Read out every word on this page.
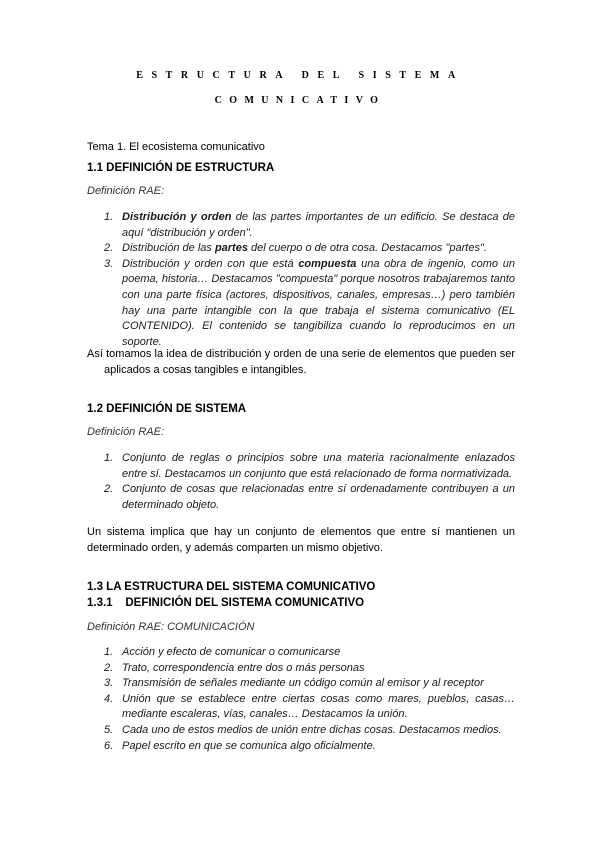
ESTRUCTURA DEL SISTEMA
COMUNICATIVO
Tema 1. El ecosistema comunicativo
1.1 DEFINICIÓN DE ESTRUCTURA
Definición RAE:
1. Distribución y orden de las partes importantes de un edificio. Se destaca de aquí "distribución y orden".
2. Distribución de las partes del cuerpo o de otra cosa. Destacamos "partes".
3. Distribución y orden con que está compuesta una obra de ingenio, como un poema, historia… Destacamos "compuesta" porque nosotros trabajaremos tanto con una parte física (actores, dispositivos, canales, empresas…) pero también hay una parte intangible con la que trabaja el sistema comunicativo (EL CONTENIDO). El contenido se tangibiliza cuando lo reproducimos en un soporte.

Así tomamos la idea de distribución y orden de una serie de elementos que pueden ser aplicados a cosas tangibles e intangibles.

1.2 DEFINICIÓN DE SISTEMA
Definición RAE:
1. Conjunto de reglas o principios sobre una materia racionalmente enlazados entre sí. Destacamos un conjunto que está relacionado de forma normativizada.
2. Conjunto de cosas que relacionadas entre sí ordenadamente contribuyen a un determinado objeto.

Un sistema implica que hay un conjunto de elementos que entre sí mantienen un determinado orden, y además comparten un mismo objetivo.

1.3 LA ESTRUCTURA DEL SISTEMA COMUNICATIVO
1.3.1    DEFINICIÓN DEL SISTEMA COMUNICATIVO
Definición RAE: COMUNICACIÓN
1. Acción y efecto de comunicar o comunicarse
2. Trato, correspondencia entre dos o más personas
3. Transmisión de señales mediante un código común al emisor y al receptor
4. Unión que se establece entre ciertas cosas como mares, pueblos, casas… mediante escaleras, vías, canales… Destacamos la unión.
5. Cada uno de estos medios de unión entre dichas cosas. Destacamos medios.
6. Papel escrito en que se comunica algo oficialmente.
